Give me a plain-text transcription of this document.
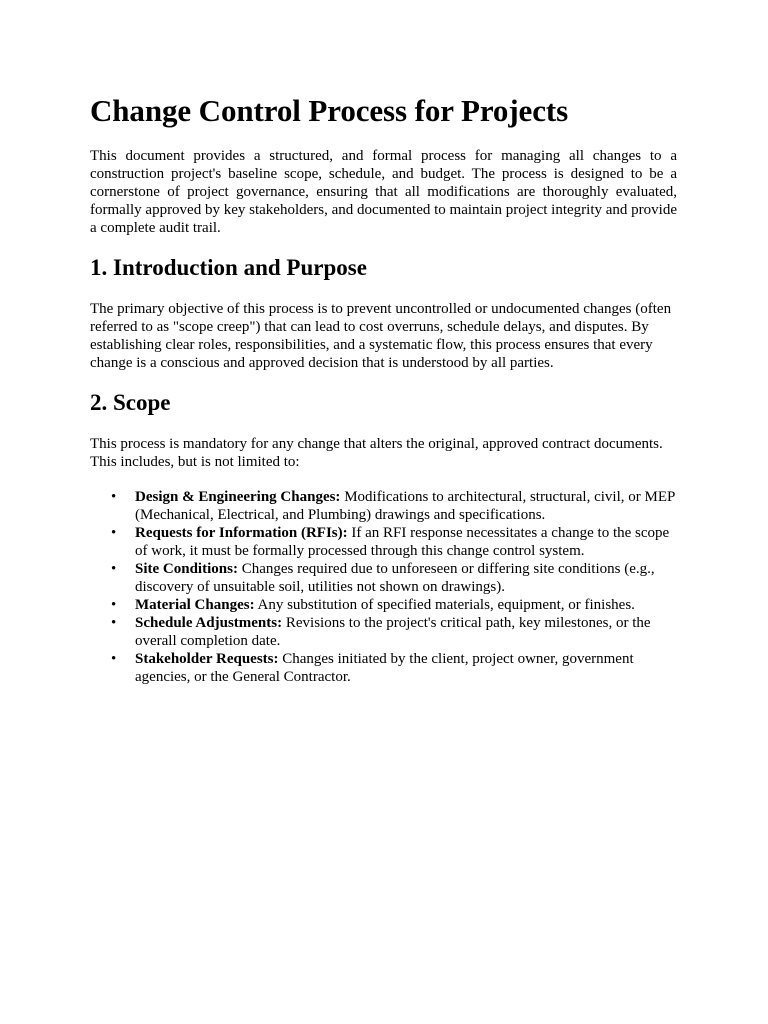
Change Control Process for Projects

This document provides a structured, and formal process for managing all changes to a construction project's baseline scope, schedule, and budget. The process is designed to be a cornerstone of project governance, ensuring that all modifications are thoroughly evaluated, formally approved by key stakeholders, and documented to maintain project integrity and provide a complete audit trail.

1. Introduction and Purpose

The primary objective of this process is to prevent uncontrolled or undocumented changes (often referred to as "scope creep") that can lead to cost overruns, schedule delays, and disputes. By establishing clear roles, responsibilities, and a systematic flow, this process ensures that every change is a conscious and approved decision that is understood by all parties.

2. Scope

This process is mandatory for any change that alters the original, approved contract documents. This includes, but is not limited to:

• Design & Engineering Changes: Modifications to architectural, structural, civil, or MEP (Mechanical, Electrical, and Plumbing) drawings and specifications.
• Requests for Information (RFIs): If an RFI response necessitates a change to the scope of work, it must be formally processed through this change control system.
• Site Conditions: Changes required due to unforeseen or differing site conditions (e.g., discovery of unsuitable soil, utilities not shown on drawings).
• Material Changes: Any substitution of specified materials, equipment, or finishes.
• Schedule Adjustments: Revisions to the project's critical path, key milestones, or the overall completion date.
• Stakeholder Requests: Changes initiated by the client, project owner, government agencies, or the General Contractor.
